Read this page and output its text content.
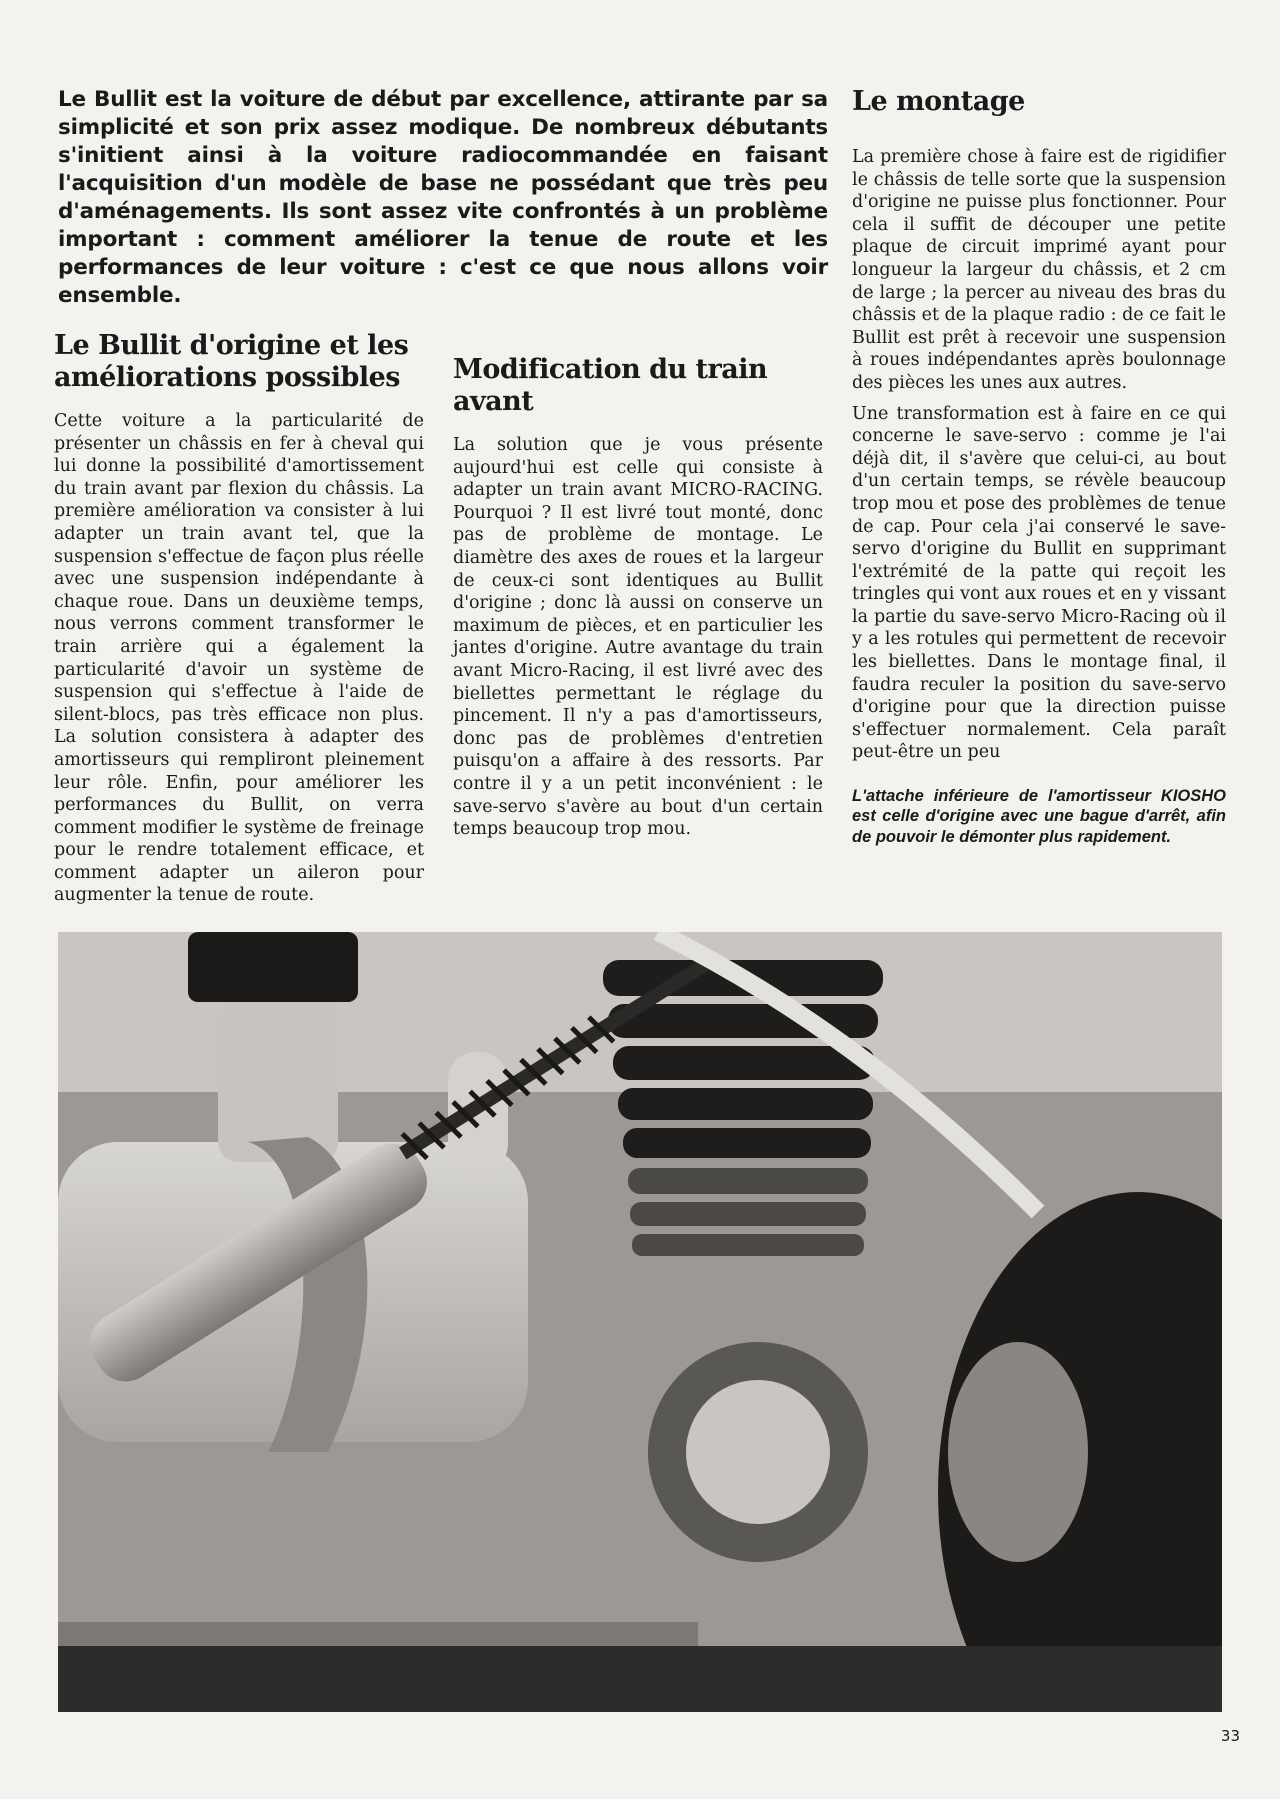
Le Bullit est la voiture de début par excellence, attirante par sa simplicité et son prix assez modique. De nombreux débutants s'initient ainsi à la voiture radiocommandée en faisant l'acquisition d'un modèle de base ne possédant que très peu d'aménagements. Ils sont assez vite confrontés à un problème important : comment améliorer la tenue de route et les performances de leur voiture : c'est ce que nous allons voir ensemble.

Le Bullit d'origine et les améliorations possibles

Cette voiture a la particularité de présenter un châssis en fer à cheval qui lui donne la possibilité d'amortissement du train avant par flexion du châssis. La première amélioration va consister à lui adapter un train avant tel, que la suspension s'effectue de façon plus réelle avec une suspension indépendante à chaque roue. Dans un deuxième temps, nous verrons comment transformer le train arrière qui a également la particularité d'avoir un système de suspension qui s'effectue à l'aide de silent-blocs, pas très efficace non plus. La solution consistera à adapter des amortisseurs qui rempliront pleinement leur rôle. Enfin, pour améliorer les performances du Bullit, on verra comment modifier le système de freinage pour le rendre totalement efficace, et comment adapter un aileron pour augmenter la tenue de route.

Modification du train avant

La solution que je vous présente aujourd'hui est celle qui consiste à adapter un train avant MICRO-RACING. Pourquoi ? Il est livré tout monté, donc pas de problème de montage. Le diamètre des axes de roues et la largeur de ceux-ci sont identiques au Bullit d'origine ; donc là aussi on conserve un maximum de pièces, et en particulier les jantes d'origine. Autre avantage du train avant Micro-Racing, il est livré avec des biellettes permettant le réglage du pincement. Il n'y a pas d'amortisseurs, donc pas de problèmes d'entretien puisqu'on a affaire à des ressorts. Par contre il y a un petit inconvénient : le save-servo s'avère au bout d'un certain temps beaucoup trop mou.

Le montage

La première chose à faire est de rigidifier le châssis de telle sorte que la suspension d'origine ne puisse plus fonctionner. Pour cela il suffit de découper une petite plaque de circuit imprimé ayant pour longueur la largeur du châssis, et 2 cm de large ; la percer au niveau des bras du châssis et de la plaque radio : de ce fait le Bullit est prêt à recevoir une suspension à roues indépendantes après boulonnage des pièces les unes aux autres.

Une transformation est à faire en ce qui concerne le save-servo : comme je l'ai déjà dit, il s'avère que celui-ci, au bout d'un certain temps, se révèle beaucoup trop mou et pose des problèmes de tenue de cap. Pour cela j'ai conservé le save-servo d'origine du Bullit en supprimant l'extrémité de la patte qui reçoit les tringles qui vont aux roues et en y vissant la partie du save-servo Micro-Racing où il y a les rotules qui permettent de recevoir les biellettes. Dans le montage final, il faudra reculer la position du save-servo d'origine pour que la direction puisse s'effectuer normalement. Cela paraît peut-être un peu

L'attache inférieure de l'amortisseur KIOSHO est celle d'origine avec une bague d'arrêt, afin de pouvoir le démonter plus rapidement.

33
